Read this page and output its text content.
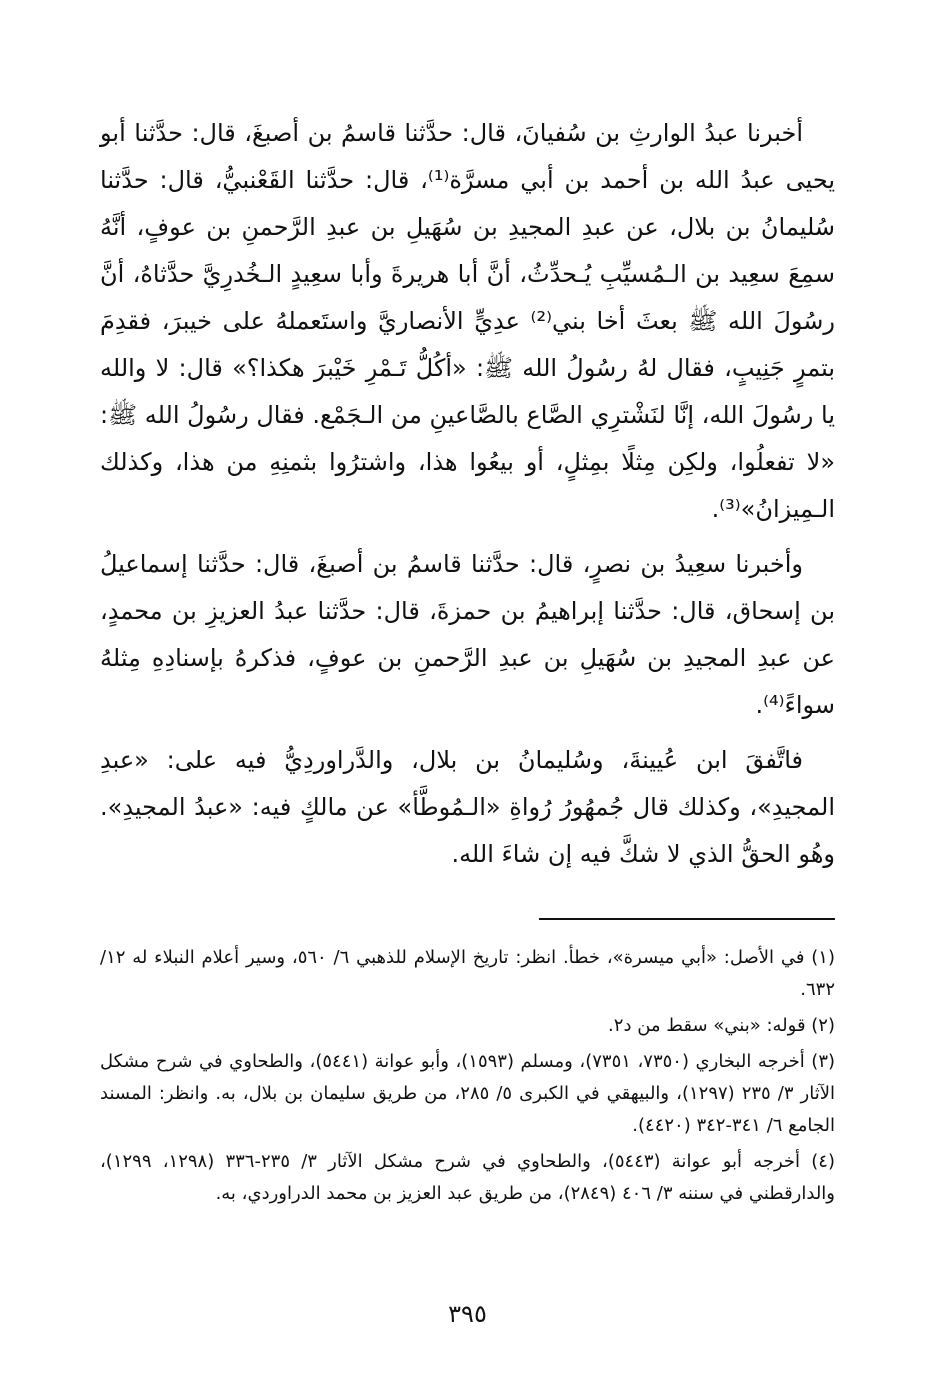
أخبرنا عبدُ الوارثِ بن سُفيانَ، قال: حدَّثنا قاسمُ بن أصبغَ، قال: حدَّثنا أبو يحيى عبدُ الله بن أحمد بن أبي مسرَّة⁽¹⁾، قال: حدَّثنا القَعْنبيُّ، قال: حدَّثنا سُليمانُ بن بلال، عن عبدِ المجيدِ بن سُهَيلِ بن عبدِ الرَّحمنِ بن عوفٍ، أنَّهُ سمِعَ سعِيد بن الـمُسيِّبِ يُـحدِّثُ، أنَّ أبا هريرةَ وأبا سعِيدٍ الـخُدرِيَّ حدَّثاهُ، أنَّ رسُولَ الله ﷺ بعثَ أخا بني⁽²⁾ عدِيٍّ الأنصاريَّ واستَعملهُ على خيبرَ، فقدِمَ بتمرٍ جَنِيبٍ، فقال لهُ رسُولُ الله ﷺ: «أكُلُّ تَـمْرِ خَيْبرَ هكذا؟» قال: لا والله يا رسُولَ الله، إنَّا لنَشْترِي الصَّاع بالصَّاعينِ من الـجَمْع. فقال رسُولُ الله ﷺ: «لا تفعلُوا، ولكِن مِثلًا بمِثلٍ، أو بيعُوا هذا، واشترُوا بثمنِهِ من هذا، وكذلك الـمِيزانُ»⁽³⁾.

وأخبرنا سعِيدُ بن نصرٍ، قال: حدَّثنا قاسمُ بن أصبغَ، قال: حدَّثنا إسماعيلُ بن إسحاق، قال: حدَّثنا إبراهيمُ بن حمزةَ، قال: حدَّثنا عبدُ العزيزِ بن محمدٍ، عن عبدِ المجيدِ بن سُهَيلِ بن عبدِ الرَّحمنِ بن عوفٍ، فذكرهُ بإسنادِهِ مِثلهُ سواءً⁽⁴⁾.

فاتَّفقَ ابن عُيينةَ، وسُليمانُ بن بلال، والدَّراوردِيُّ فيه على: «عبدِ المجيدِ»، وكذلك قال جُمهُورُ رُواةِ «الـمُوطَّأ» عن مالكٍ فيه: «عبدُ المجيدِ». وهُو الحقُّ الذي لا شكَّ فيه إن شاءَ الله.

(١) في الأصل: «أبي ميسرة»، خطأ. انظر: تاريخ الإسلام للذهبي ٦/ ٥٦٠، وسير أعلام النبلاء له ١٢/ ٦٣٢.

(٢) قوله: «بني» سقط من د٢.

(٣) أخرجه البخاري (٧٣٥٠، ٧٣٥١)، ومسلم (١٥٩٣)، وأبو عوانة (٥٤٤١)، والطحاوي في شرح مشكل الآثار ٣/ ٢٣٥ (١٢٩٧)، والبيهقي في الكبرى ٥/ ٢٨٥، من طريق سليمان بن بلال، به. وانظر: المسند الجامع ٦/ ٣٤١-٣٤٢ (٤٤٢٠).

(٤) أخرجه أبو عوانة (٥٤٤٣)، والطحاوي في شرح مشكل الآثار ٣/ ٢٣٥-٣٣٦ (١٢٩٨، ١٢٩٩)، والدارقطني في سننه ٣/ ٤٠٦ (٢٨٤٩)، من طريق عبد العزيز بن محمد الدراوردي، به.

٣٩٥
